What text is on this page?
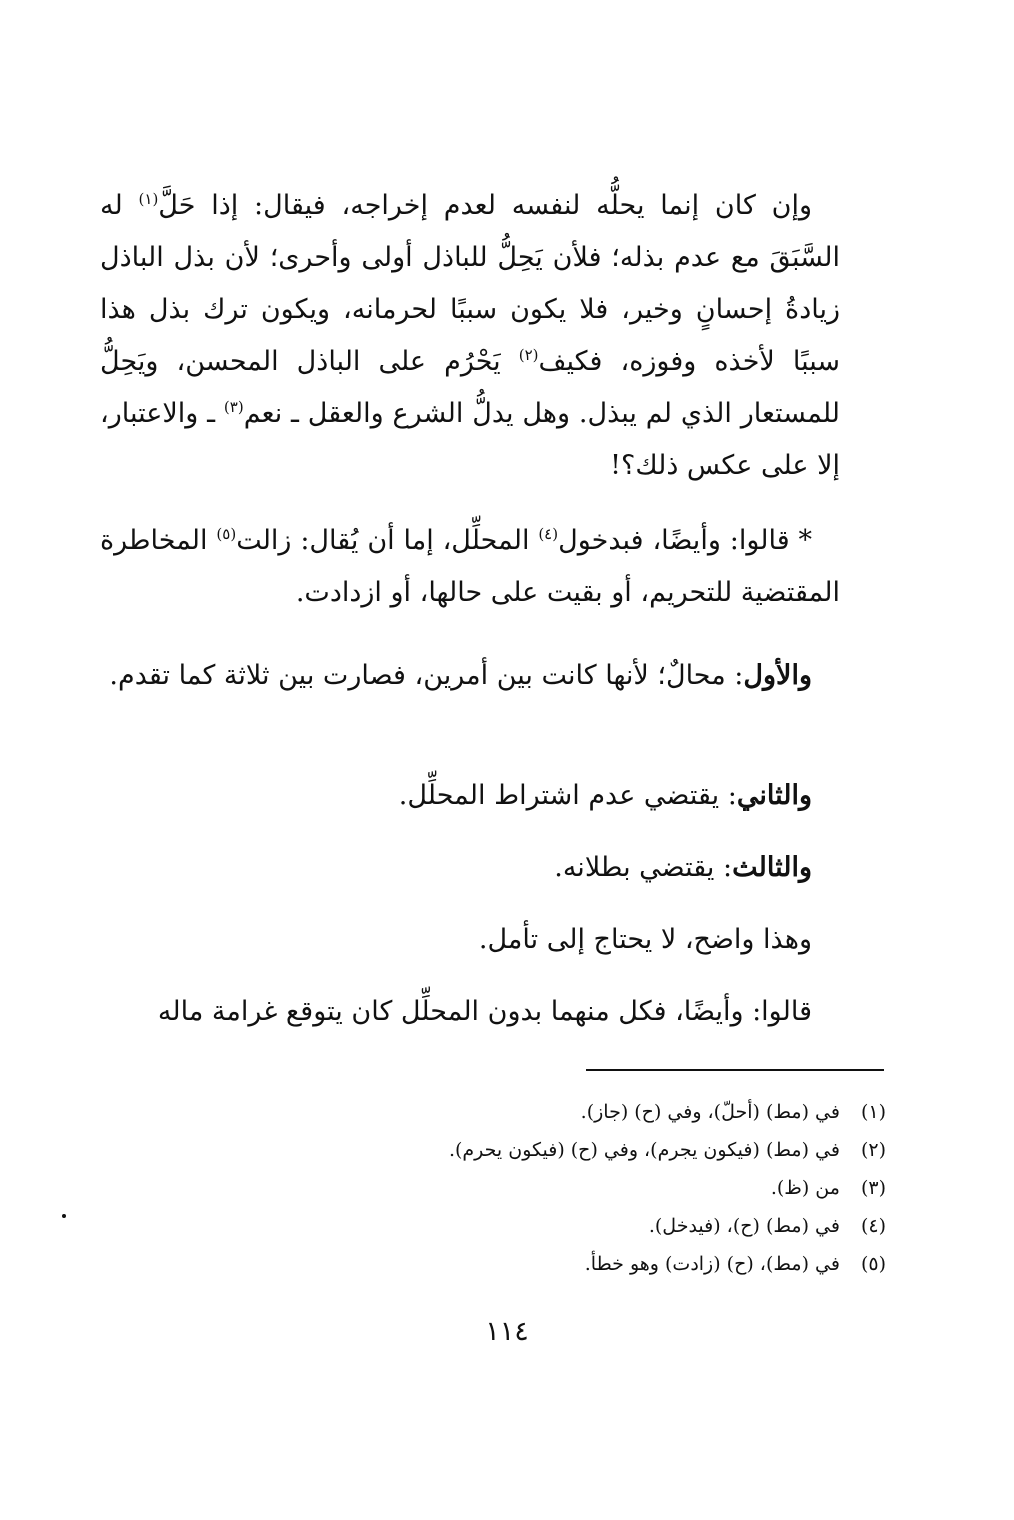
وإن كان إنما يحلُّه لنفسه لعدم إخراجه، فيقال: إذا حَلَّ$^{(١)}$ له السَّبَقَ مع عدم بذله؛ فلأن يَحِلُّ للباذل أولى وأحرى؛ لأن بذل الباذل زيادةُ إحسانٍ وخير، فلا يكون سببًا لحرمانه، ويكون ترك بذل هذا سببًا لأخذه وفوزه، فكيف$^{(٢)}$ يَحْرُم على الباذل المحسن، ويَحِلُّ للمستعار الذي لم يبذل. وهل يدلُّ الشرع والعقل ـ نعم$^{(٣)}$ ـ والاعتبار، إلا على عكس ذلك؟!

* قالوا: وأيضًا، فبدخول$^{(٤)}$ المحلِّل، إما أن يُقال: زالت$^{(٥)}$ المخاطرة المقتضية للتحريم، أو بقيت على حالها، أو ازدادت.

والأول: محالٌ؛ لأنها كانت بين أمرين، فصارت بين ثلاثة كما تقدم.

والثاني: يقتضي عدم اشتراط المحلِّل.

والثالث: يقتضي بطلانه.

وهذا واضح، لا يحتاج إلى تأمل.

قالوا: وأيضًا، فكل منهما بدون المحلِّل كان يتوقع غرامة ماله

(١) في (مط) (أحلّ)، وفي (ح) (جاز).
(٢) في (مط) (فيكون يجرم)، وفي (ح) (فيكون يحرم).
(٣) من (ظ).
(٤) في (مط) (ح)، (فيدخل).
(٥) في (مط)، (ح) (زادت) وهو خطأ.
١١٤
